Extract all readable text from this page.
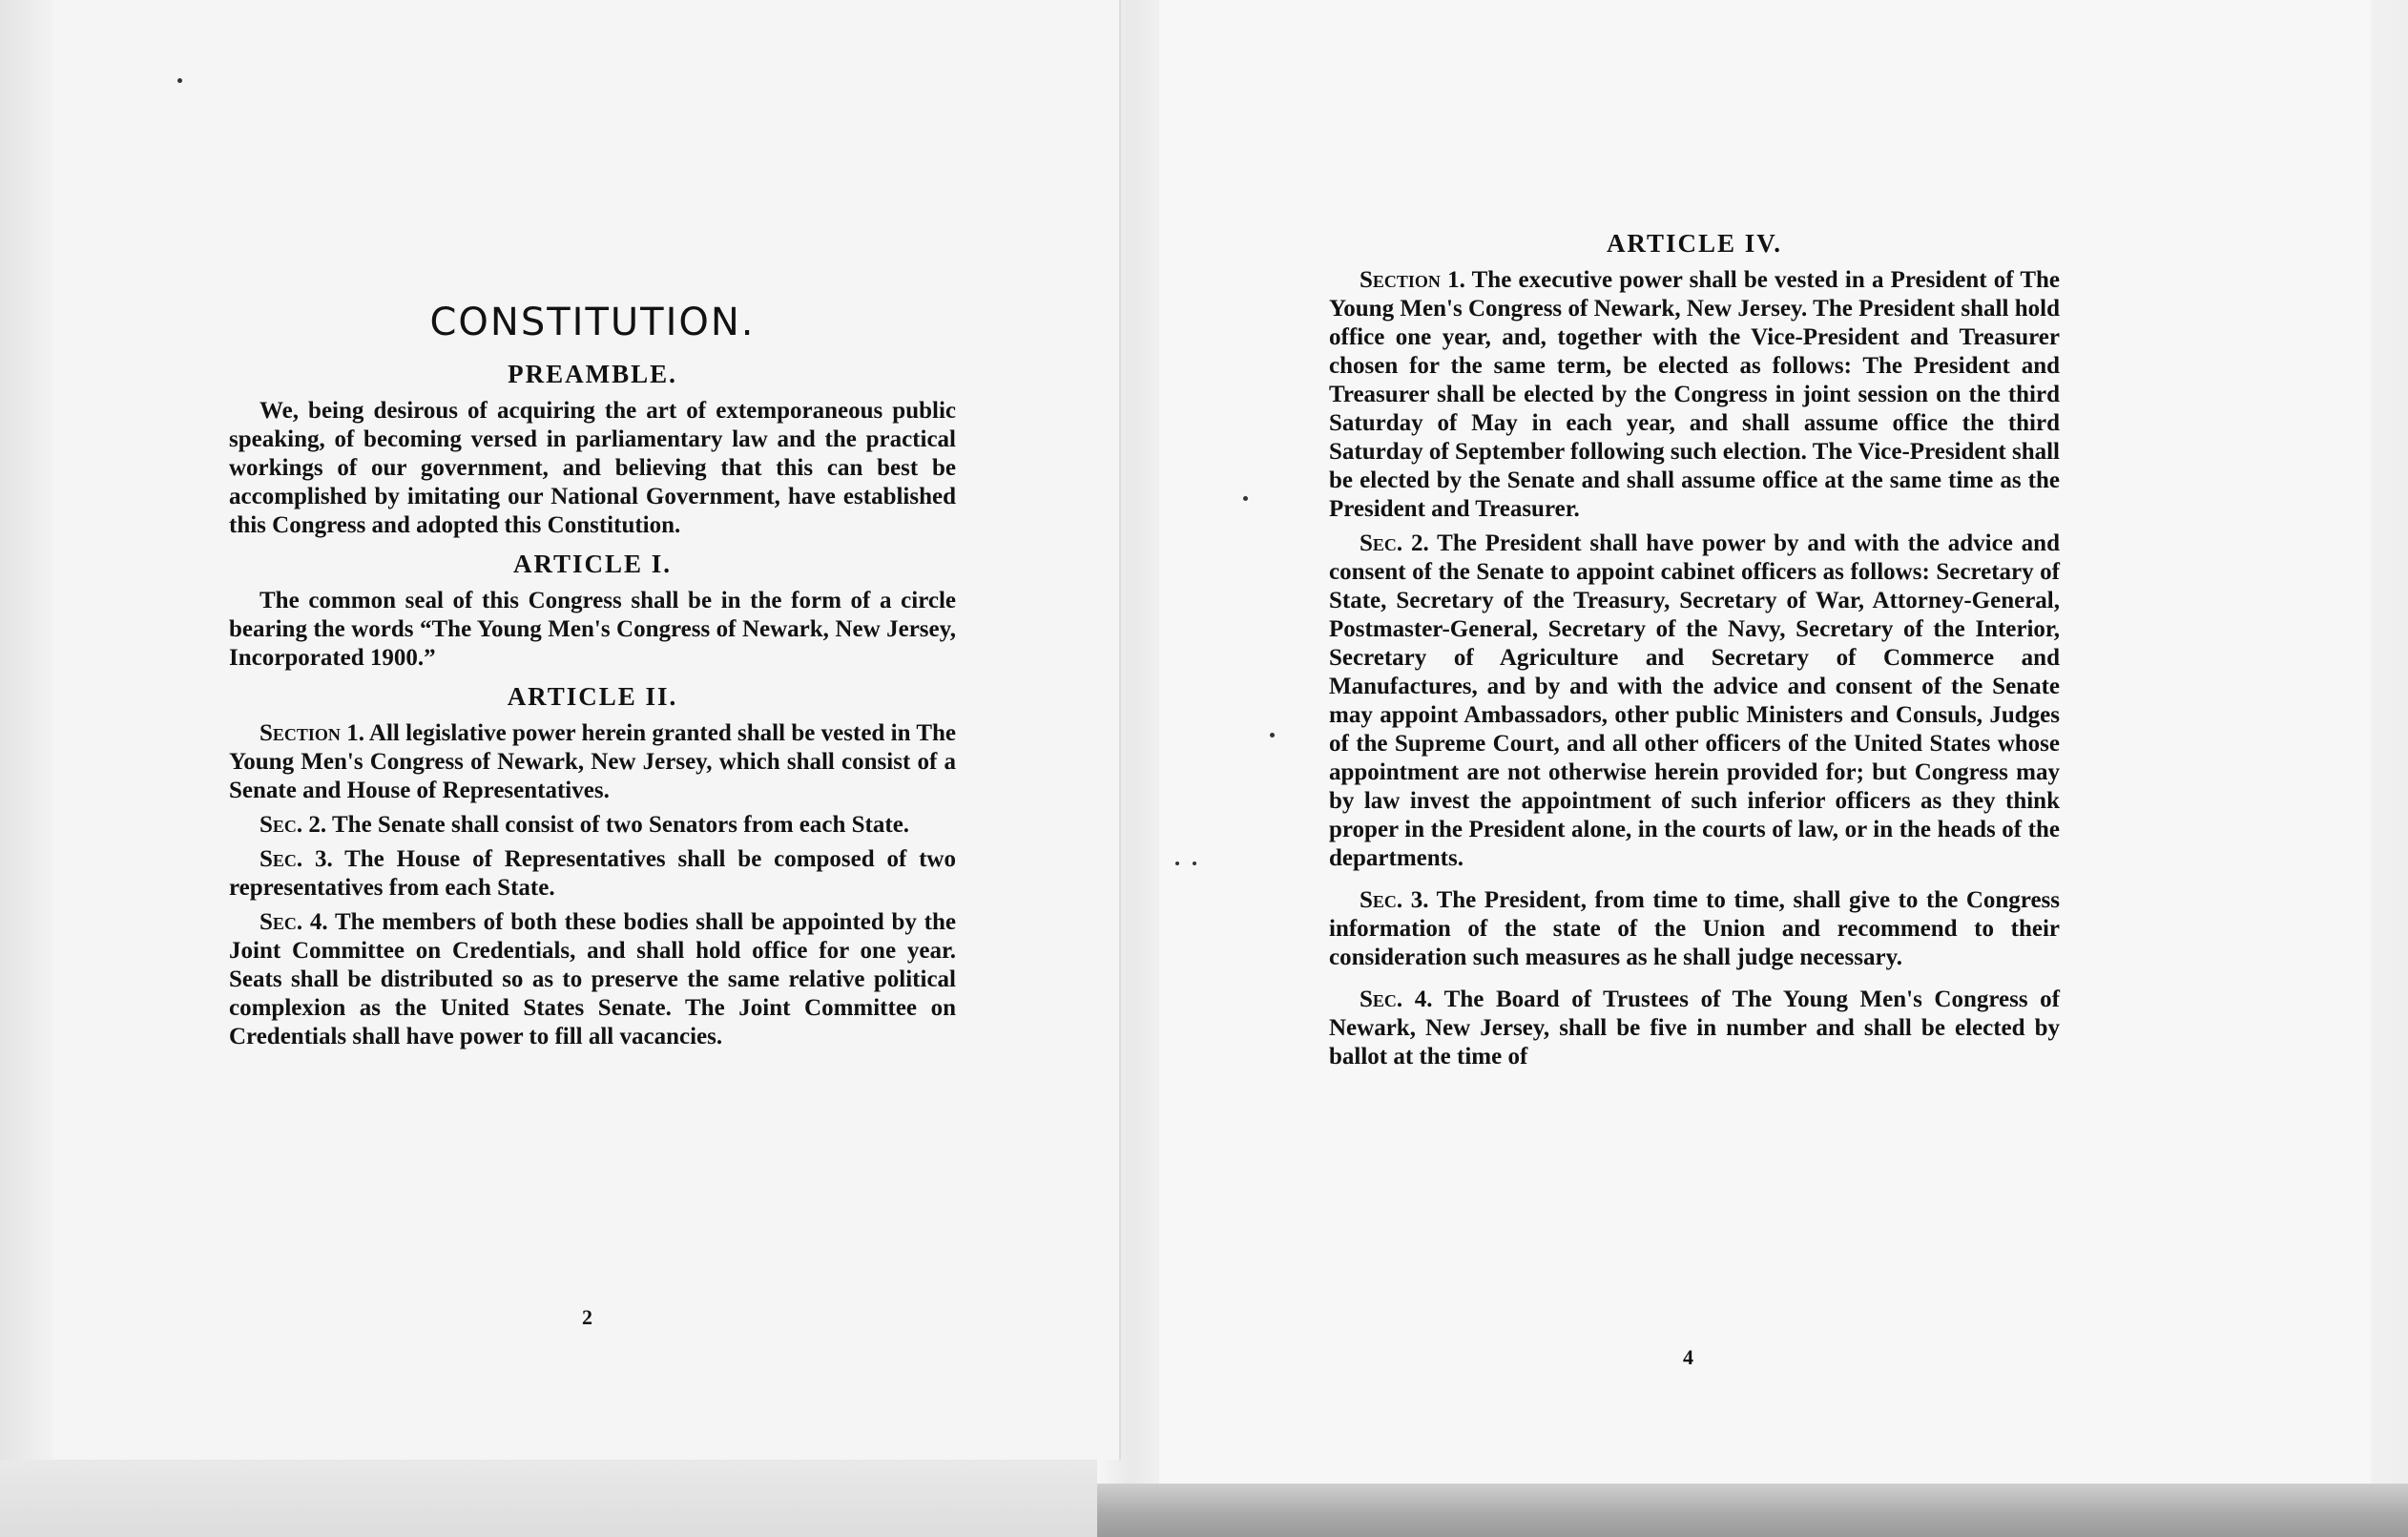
CONSTITUTION.
PREAMBLE.

We, being desirous of acquiring the art of extemporaneous public speaking, of becoming versed in parliamentary law and the practical workings of our government, and believing that this can best be accomplished by imitating our National Government, have established this Congress and adopted this Constitution.

ARTICLE I.

The common seal of this Congress shall be in the form of a circle bearing the words “The Young Men's Congress of Newark, New Jersey, Incorporated 1900.”

ARTICLE II.

Section 1. All legislative power herein granted shall be vested in The Young Men's Congress of Newark, New Jersey, which shall consist of a Senate and House of Representatives.

Sec. 2. The Senate shall consist of two Senators from each State.

Sec. 3. The House of Representatives shall be composed of two representatives from each State.

Sec. 4. The members of both these bodies shall be appointed by the Joint Committee on Credentials, and shall hold office for one year. Seats shall be distributed so as to preserve the same relative political complexion as the United States Senate. The Joint Committee on Credentials shall have power to fill all vacancies.

2
ARTICLE IV.

Section 1. The executive power shall be vested in a President of The Young Men's Congress of Newark, New Jersey. The President shall hold office one year, and, together with the Vice-President and Treasurer chosen for the same term, be elected as follows: The President and Treasurer shall be elected by the Congress in joint session on the third Saturday of May in each year, and shall assume office the third Saturday of September following such election. The Vice-President shall be elected by the Senate and shall assume office at the same time as the President and Treasurer.

Sec. 2. The President shall have power by and with the advice and consent of the Senate to appoint cabinet officers as follows: Secretary of State, Secretary of the Treasury, Secretary of War, Attorney-General, Postmaster-General, Secretary of the Navy, Secretary of the Interior, Secretary of Agriculture and Secretary of Commerce and Manufactures, and by and with the advice and consent of the Senate may appoint Ambassadors, other public Ministers and Consuls, Judges of the Supreme Court, and all other officers of the United States whose appointment are not otherwise herein provided for; but Congress may by law invest the appointment of such inferior officers as they think proper in the President alone, in the courts of law, or in the heads of the departments.

Sec. 3. The President, from time to time, shall give to the Congress information of the state of the Union and recommend to their consideration such measures as he shall judge necessary.

Sec. 4. The Board of Trustees of The Young Men's Congress of Newark, New Jersey, shall be five in number and shall be elected by ballot at the time of

4
